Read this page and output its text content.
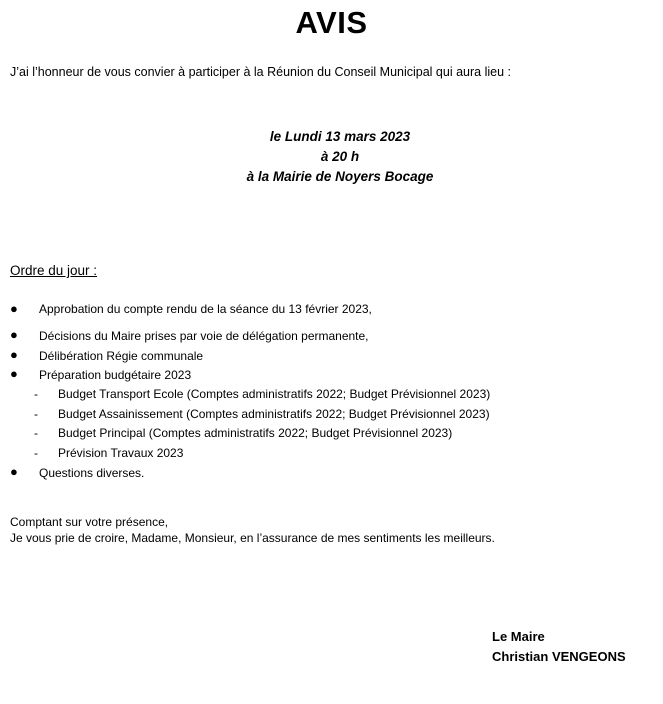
AVIS
J’ai l’honneur de vous convier à participer à la Réunion du Conseil Municipal qui aura lieu :
le Lundi 13 mars 2023
à 20 h
à la Mairie de Noyers Bocage
Ordre du jour :
● Approbation du compte rendu de la séance du 13 février 2023,
● Décisions du Maire prises par voie de délégation permanente,
● Délibération Régie communale
● Préparation budgétaire 2023
- Budget Transport Ecole (Comptes administratifs 2022; Budget Prévisionnel 2023)
- Budget Assainissement (Comptes administratifs 2022; Budget Prévisionnel 2023)
- Budget Principal (Comptes administratifs 2022; Budget Prévisionnel 2023)
- Prévision Travaux 2023
● Questions diverses.
Comptant sur votre présence,
Je vous prie de croire, Madame, Monsieur, en l’assurance de mes sentiments les meilleurs.
Le Maire
Christian VENGEONS
